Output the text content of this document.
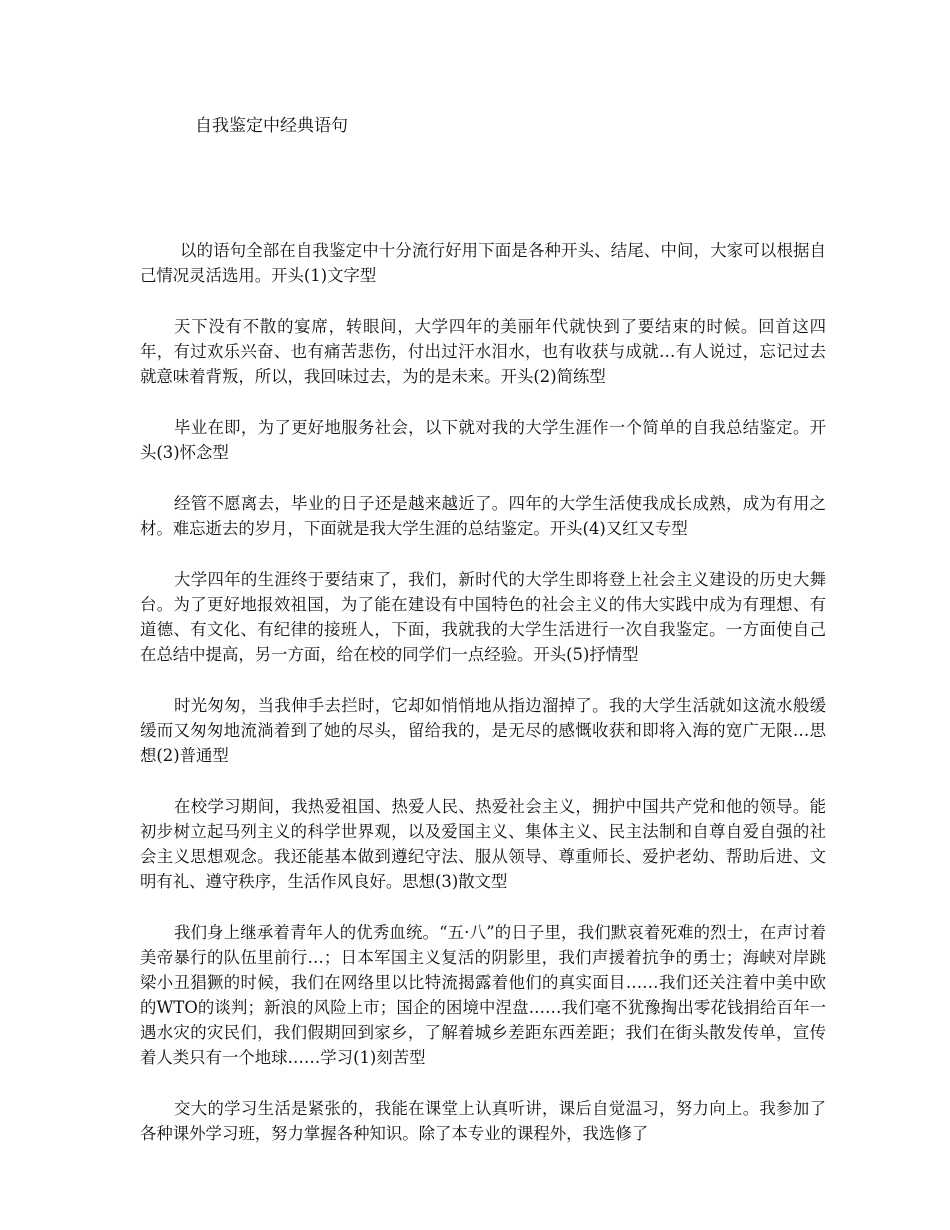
自我鉴定中经典语句

以的语句全部在自我鉴定中十分流行好用下面是各种开头、结尾、中间，大家可以根据自己情况灵活选用。开头(1)文字型

天下没有不散的宴席，转眼间，大学四年的美丽年代就快到了要结束的时候。回首这四年，有过欢乐兴奋、也有痛苦悲伤，付出过汗水泪水，也有收获与成就…有人说过，忘记过去就意味着背叛，所以，我回味过去，为的是未来。开头(2)简练型

毕业在即，为了更好地服务社会，以下就对我的大学生涯作一个简单的自我总结鉴定。开头(3)怀念型

经管不愿离去，毕业的日子还是越来越近了。四年的大学生活使我成长成熟，成为有用之材。难忘逝去的岁月，下面就是我大学生涯的总结鉴定。开头(4)又红又专型

大学四年的生涯终于要结束了，我们，新时代的大学生即将登上社会主义建设的历史大舞台。为了更好地报效祖国，为了能在建设有中国特色的社会主义的伟大实践中成为有理想、有道德、有文化、有纪律的接班人，下面，我就我的大学生活进行一次自我鉴定。一方面使自己在总结中提高，另一方面，给在校的同学们一点经验。开头(5)抒情型

时光匆匆，当我伸手去拦时，它却如悄悄地从指边溜掉了。我的大学生活就如这流水般缓缓而又匆匆地流淌着到了她的尽头，留给我的，是无尽的感慨收获和即将入海的宽广无限…思想(2)普通型

在校学习期间，我热爱祖国、热爱人民、热爱社会主义，拥护中国共产党和他的领导。能初步树立起马列主义的科学世界观，以及爱国主义、集体主义、民主法制和自尊自爱自强的社会主义思想观念。我还能基本做到遵纪守法、服从领导、尊重师长、爱护老幼、帮助后进、文明有礼、遵守秩序，生活作风良好。思想(3)散文型

我们身上继承着青年人的优秀血统。“五·八”的日子里，我们默哀着死难的烈士，在声讨着美帝暴行的队伍里前行…；日本军国主义复活的阴影里，我们声援着抗争的勇士；海峡对岸跳梁小丑猖獗的时候，我们在网络里以比特流揭露着他们的真实面目……我们还关注着中美中欧的WTO的谈判；新浪的风险上市；国企的困境中涅盘……我们毫不犹豫掏出零花钱捐给百年一遇水灾的灾民们，我们假期回到家乡，了解着城乡差距东西差距；我们在街头散发传单，宣传着人类只有一个地球……学习(1)刻苦型

交大的学习生活是紧张的，我能在课堂上认真听讲，课后自觉温习，努力向上。我参加了各种课外学习班，努力掌握各种知识。除了本专业的课程外，我选修了
